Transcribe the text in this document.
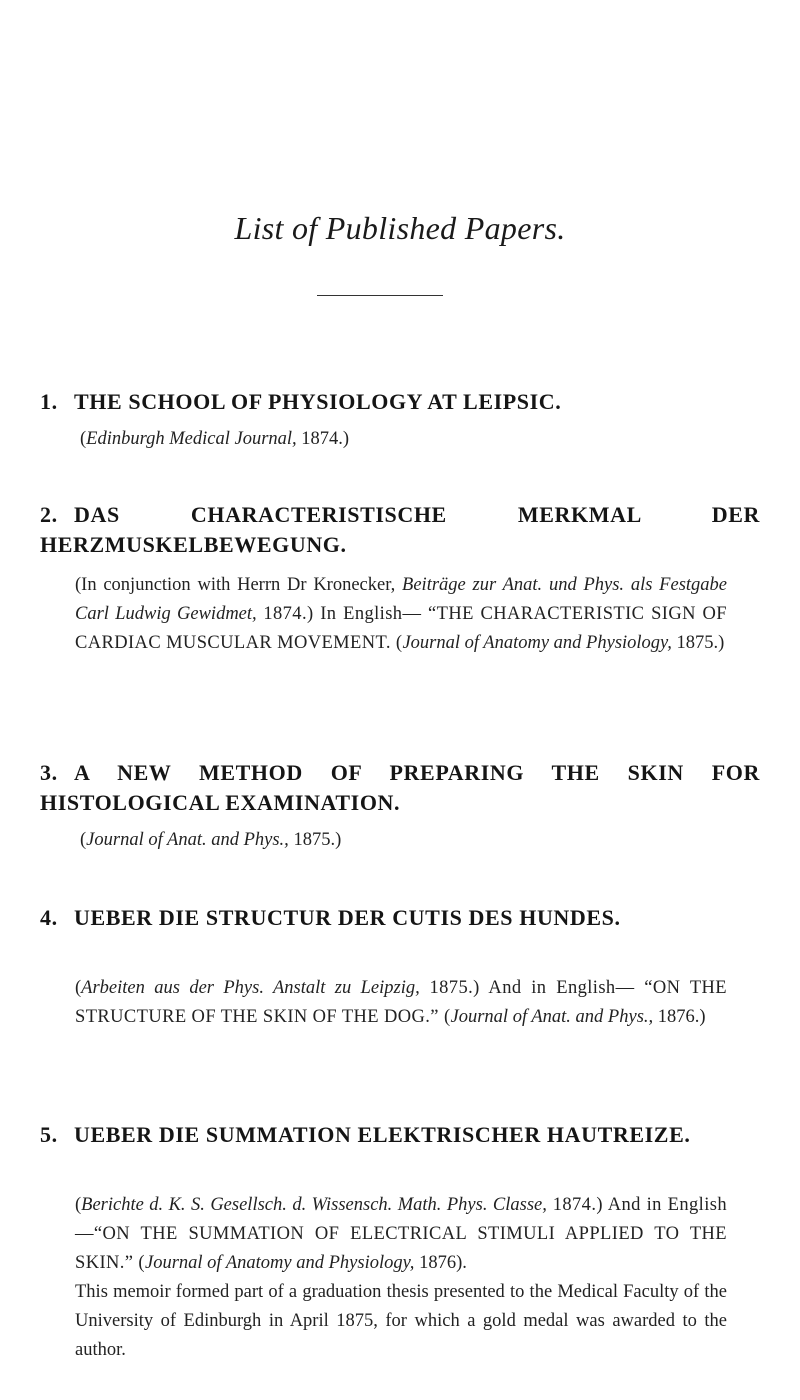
List of Published Papers.
1. THE SCHOOL OF PHYSIOLOGY AT LEIPSIC.
(Edinburgh Medical Journal, 1874.)
2. DAS CHARACTERISTISCHE MERKMAL DER HERZMUSKELBEWEGUNG.
(In conjunction with Herrn Dr Kronecker, Beiträge zur Anat. und Phys. als Festgabe Carl Ludwig Gewidmet, 1874.) In English— “THE CHARACTERISTIC SIGN OF CARDIAC MUSCULAR MOVEMENT. (Journal of Anatomy and Physiology, 1875.)
3. A NEW METHOD OF PREPARING THE SKIN FOR HISTOLOGICAL EXAMINATION.
(Journal of Anat. and Phys., 1875.)
4. UEBER DIE STRUCTUR DER CUTIS DES HUNDES.
(Arbeiten aus der Phys. Anstalt zu Leipzig, 1875.) And in English— “ON THE STRUCTURE OF THE SKIN OF THE DOG.” (Journal of Anat. and Phys., 1876.)
5. UEBER DIE SUMMATION ELEKTRISCHER HAUTREIZE.
(Berichte d. K. S. Gesellsch. d. Wissensch. Math. Phys. Classe, 1874.) And in English—“ON THE SUMMATION OF ELECTRICAL STIMULI APPLIED TO THE SKIN.” (Journal of Anatomy and Physiology, 1876).
This memoir formed part of a graduation thesis presented to the Medical Faculty of the University of Edinburgh in April 1875, for which a gold medal was awarded to the author.
